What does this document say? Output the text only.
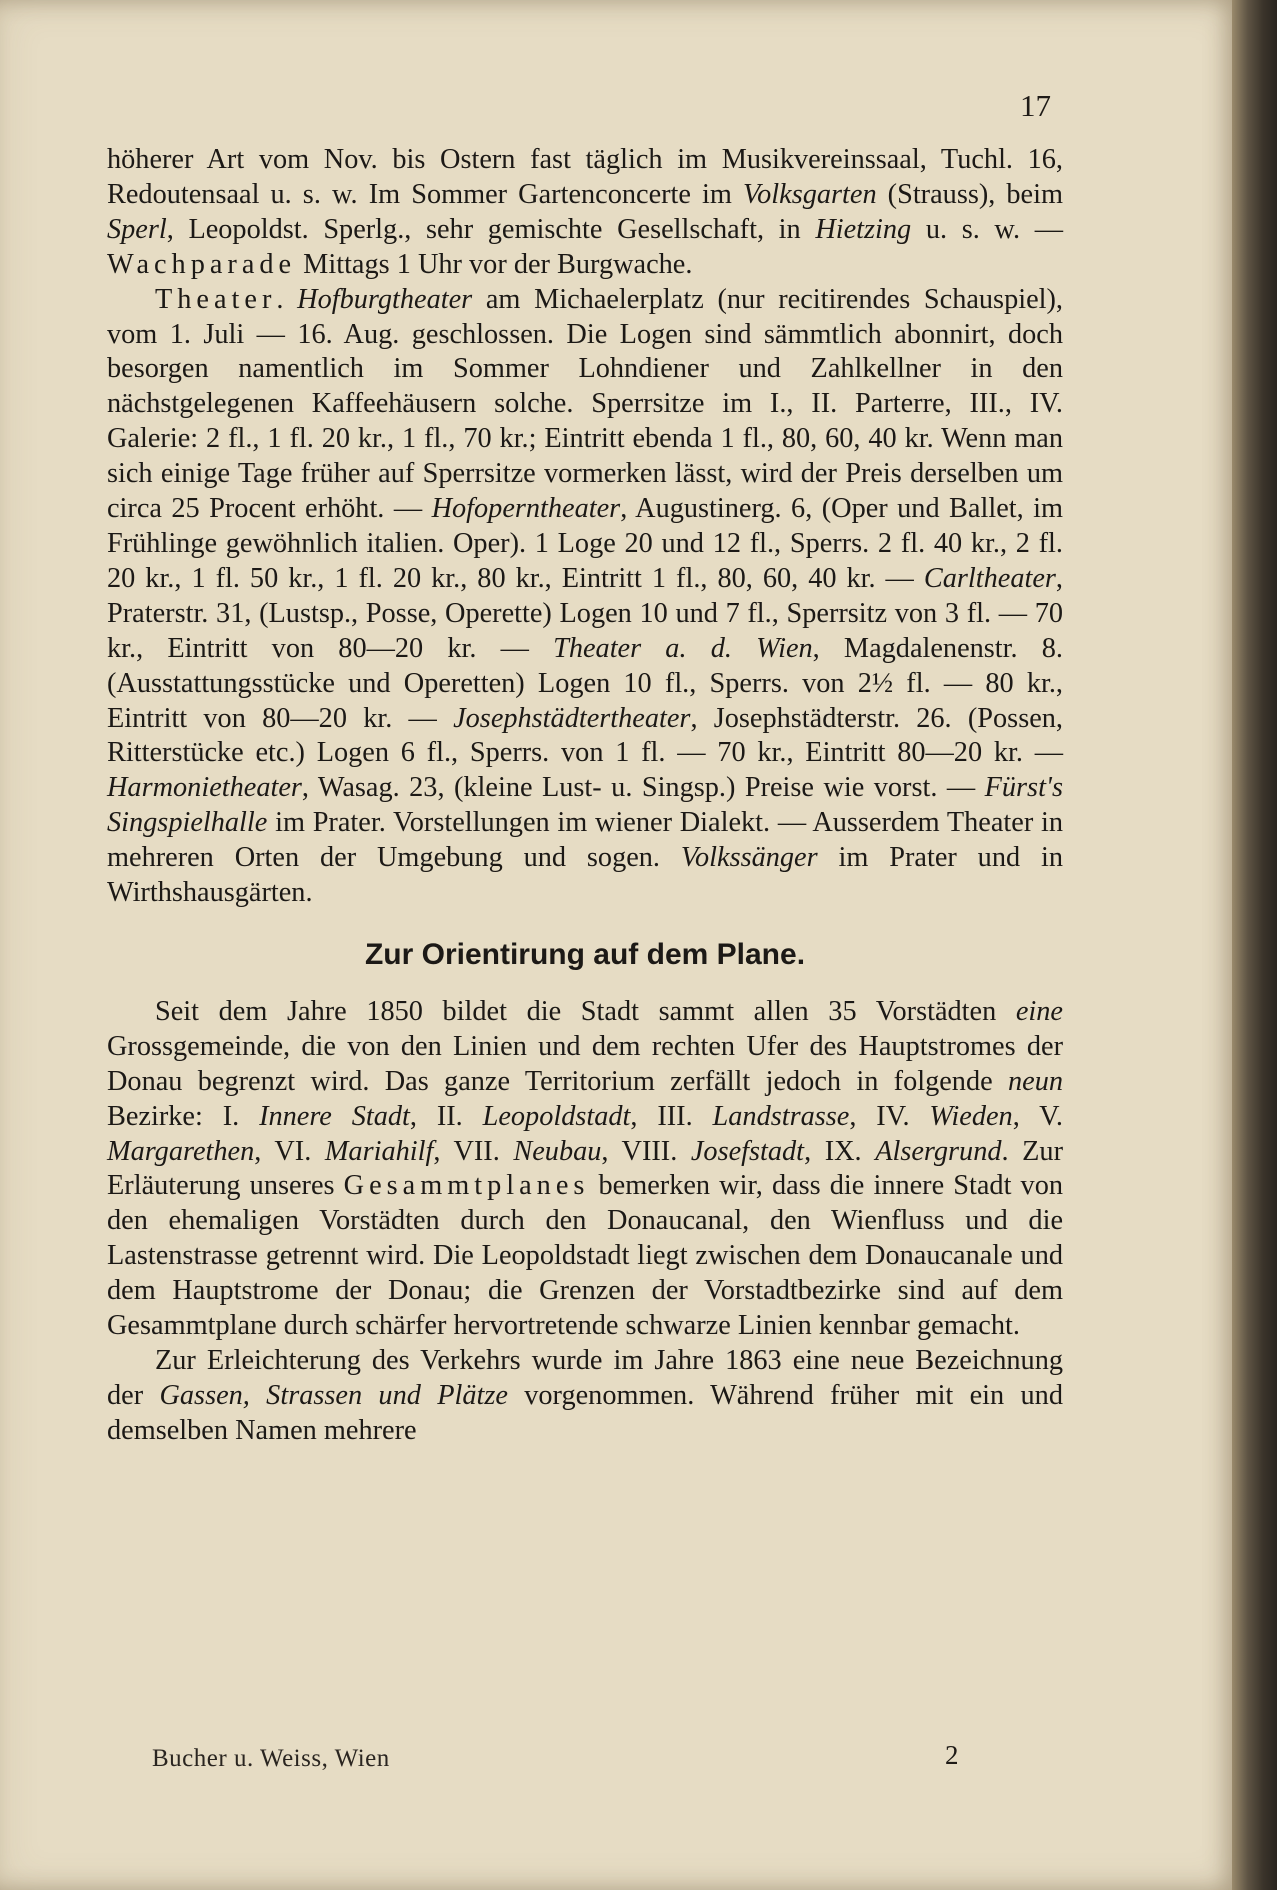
17

höherer Art vom Nov. bis Ostern fast täglich im Musikvereinssaal, Tuchl. 16, Redoutensaal u. s. w. Im Sommer Gartenconcerte im Volksgarten (Strauss), beim Sperl, Leopoldst. Sperlg., sehr gemischte Gesellschaft, in Hietzing u. s. w. — Wachparade Mittags 1 Uhr vor der Burgwache.

Theater. Hofburgtheater am Michaelerplatz (nur recitirendes Schauspiel), vom 1. Juli — 16. Aug. geschlossen. Die Logen sind sämmtlich abonnirt, doch besorgen namentlich im Sommer Lohndiener und Zahlkellner in den nächstgelegenen Kaffeehäusern solche. Sperrsitze im I., II. Parterre, III., IV. Galerie: 2 fl., 1 fl. 20 kr., 1 fl., 70 kr.; Eintritt ebenda 1 fl., 80, 60, 40 kr. Wenn man sich einige Tage früher auf Sperrsitze vormerken lässt, wird der Preis derselben um circa 25 Procent erhöht. — Hofoperntheater, Augustinerg. 6, (Oper und Ballet, im Frühlinge gewöhnlich italien. Oper). 1 Loge 20 und 12 fl., Sperrs. 2 fl. 40 kr., 2 fl. 20 kr., 1 fl. 50 kr., 1 fl. 20 kr., 80 kr., Eintritt 1 fl., 80, 60, 40 kr. — Carltheater, Praterstr. 31, (Lustsp., Posse, Operette) Logen 10 und 7 fl., Sperrsitz von 3 fl. — 70 kr., Eintritt von 80—20 kr. — Theater a. d. Wien, Magdalenenstr. 8. (Ausstattungsstücke und Operetten) Logen 10 fl., Sperrs. von 2½ fl. — 80 kr., Eintritt von 80—20 kr. — Josephstädtertheater, Josephstädterstr. 26. (Possen, Ritterstücke etc.) Logen 6 fl., Sperrs. von 1 fl. — 70 kr., Eintritt 80—20 kr. — Harmonietheater, Wasag. 23, (kleine Lust- u. Singsp.) Preise wie vorst. — Fürst's Singspielhalle im Prater. Vorstellungen im wiener Dialekt. — Ausserdem Theater in mehreren Orten der Umgebung und sogen. Volkssänger im Prater und in Wirthshausgärten.

Zur Orientirung auf dem Plane.

Seit dem Jahre 1850 bildet die Stadt sammt allen 35 Vorstädten eine Grossgemeinde, die von den Linien und dem rechten Ufer des Hauptstromes der Donau begrenzt wird. Das ganze Territorium zerfällt jedoch in folgende neun Bezirke: I. Innere Stadt, II. Leopoldstadt, III. Landstrasse, IV. Wieden, V. Margarethen, VI. Mariahilf, VII. Neubau, VIII. Josefstadt, IX. Alsergrund. Zur Erläuterung unseres Gesammtplanes bemerken wir, dass die innere Stadt von den ehemaligen Vorstädten durch den Donaucanal, den Wienfluss und die Lastenstrasse getrennt wird. Die Leopoldstadt liegt zwischen dem Donaucanale und dem Hauptstrome der Donau; die Grenzen der Vorstadtbezirke sind auf dem Gesammtplane durch schärfer hervortretende schwarze Linien kennbar gemacht.

Zur Erleichterung des Verkehrs wurde im Jahre 1863 eine neue Bezeichnung der Gassen, Strassen und Plätze vorgenommen. Während früher mit ein und demselben Namen mehrere

Bucher u. Weiss, Wien	2
